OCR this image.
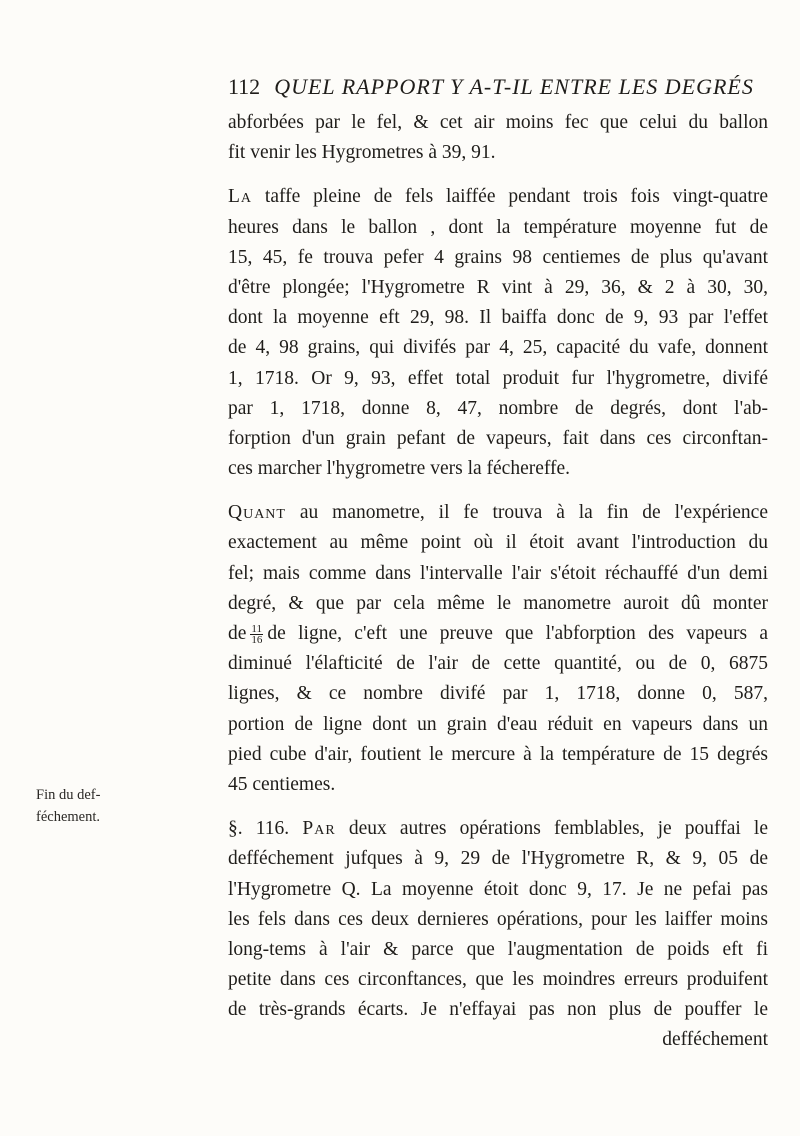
112 QUEL RAPPORT Y A-T-IL ENTRE LES DEGRÉS
Fin du def-
féchement.
abforbées par le fel, & cet air moins fec que celui du ballon
fit venir les Hygrometres à 39, 91.
La taffe pleine de fels laiffée pendant trois fois vingt-quatre
heures dans le ballon , dont la température moyenne fut de
15, 45, fe trouva pefer 4 grains 98 centiemes de plus qu'avant
d'être plongée; l'Hygrometre R vint à 29, 36, & 2 à 30, 30,
dont la moyenne eft 29, 98. Il baiffa donc de 9, 93 par l'effet
de 4, 98 grains, qui divifés par 4, 25, capacité du vafe, donnent
1, 1718. Or 9, 93, effet total produit fur l'hygrometre, divifé
par 1, 1718, donne 8, 47, nombre de degrés, dont l'ab-
forption d'un grain pefant de vapeurs, fait dans ces circonftan-
ces marcher l'hygrometre vers la féchereffe.
Quant au manometre, il fe trouva à la fin de l'expérience
exactement au même point où il étoit avant l'introduction du
fel; mais comme dans l'intervalle l'air s'étoit réchauffé d'un demi
degré, & que par cela même le manometre auroit dû monter
de $\frac{11}{16}$ de ligne, c'eft une preuve que l'abforption des vapeurs a
diminué l'élafticité de l'air de cette quantité, ou de 0, 6875
lignes, & ce nombre divifé par 1, 1718, donne 0, 587,
portion de ligne dont un grain d'eau réduit en vapeurs dans un
pied cube d'air, foutient le mercure à la température de 15 degrés
45 centiemes.
§. 116. Par deux autres opérations femblables, je pouffai le
defféchement jufques à 9, 29 de l'Hygrometre R, & 9, 05 de
l'Hygrometre Q. La moyenne étoit donc 9, 17. Je ne pefai pas
les fels dans ces deux dernieres opérations, pour les laiffer moins
long-tems à l'air & parce que l'augmentation de poids eft fi
petite dans ces circonftances, que les moindres erreurs produifent
de très-grands écarts. Je n'effayai pas non plus de pouffer le
defféchement
